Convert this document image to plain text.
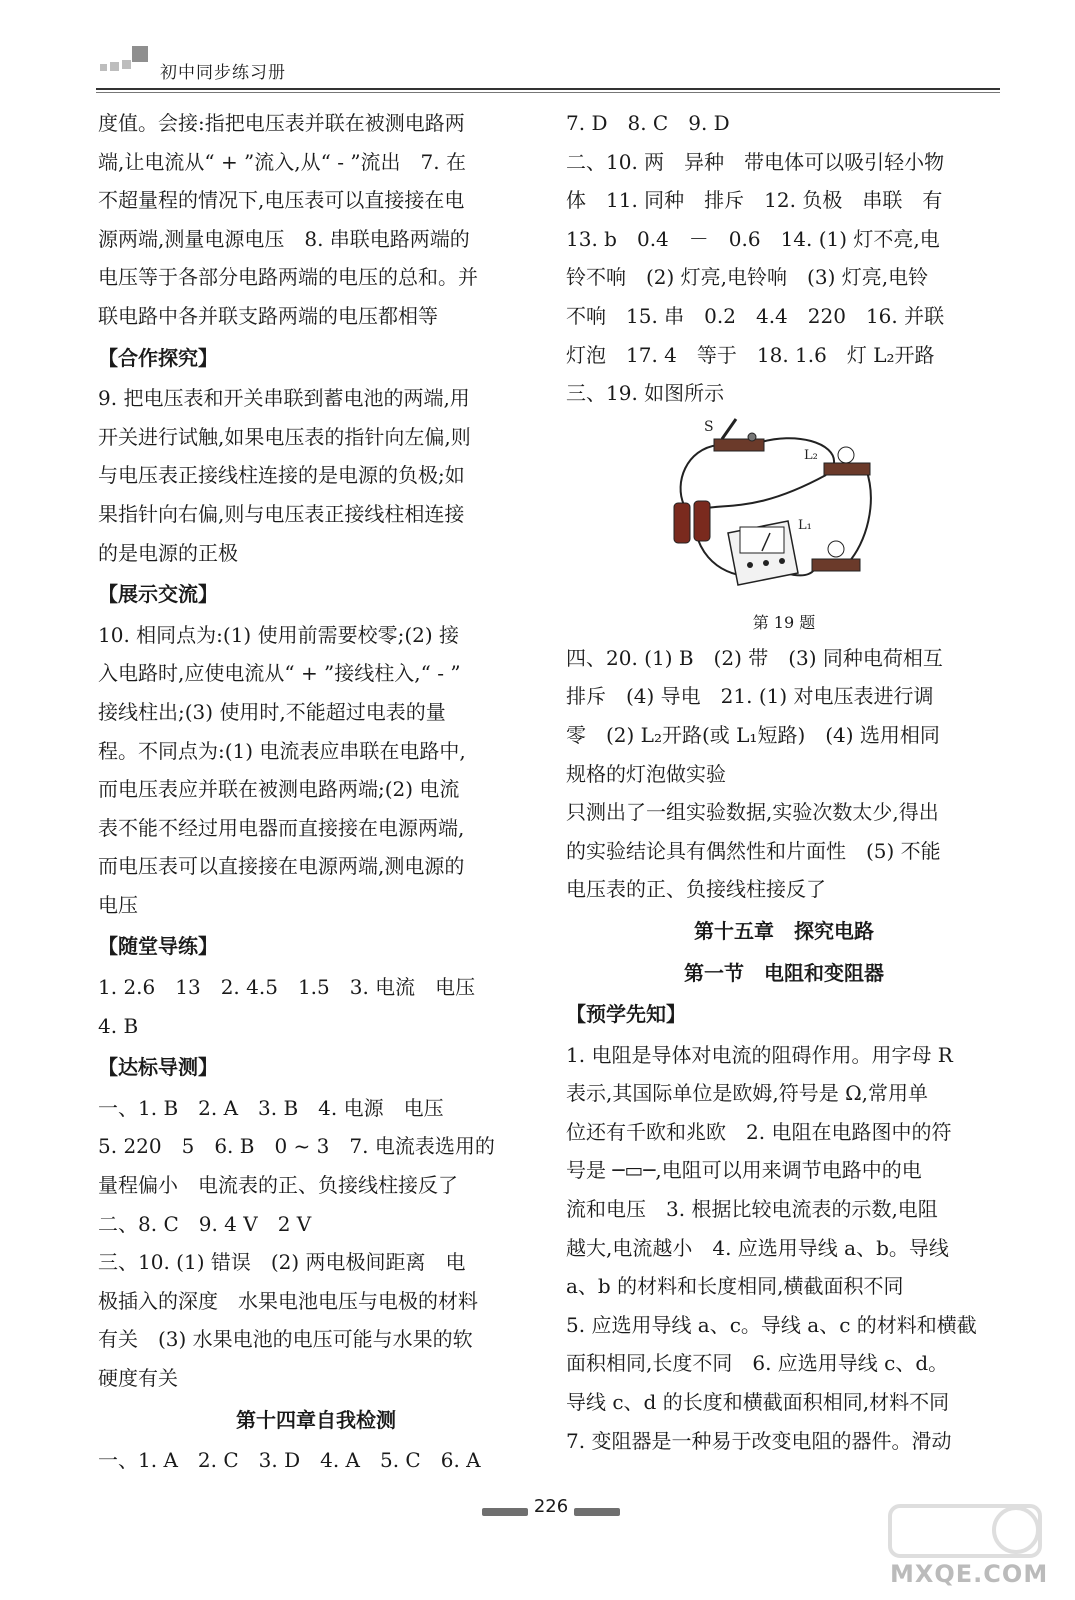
初中同步练习册

度值。会接:指把电压表并联在被测电路两

端,让电流从“ + ”流入,从“ - ”流出　7. 在

不超量程的情况下,电压表可以直接接在电

源两端,测量电源电压　8. 串联电路两端的

电压等于各部分电路两端的电压的总和。并

联电路中各并联支路两端的电压都相等

【合作探究】

9. 把电压表和开关串联到蓄电池的两端,用

开关进行试触,如果电压表的指针向左偏,则

与电压表正接线柱连接的是电源的负极;如

果指针向右偏,则与电压表正接线柱相连接

的是电源的正极

【展示交流】

10. 相同点为:(1) 使用前需要校零;(2) 接

入电路时,应使电流从“ + ”接线柱入,“ - ”

接线柱出;(3) 使用时,不能超过电表的量

程。不同点为:(1) 电流表应串联在电路中,

而电压表应并联在被测电路两端;(2) 电流

表不能不经过用电器而直接接在电源两端,

而电压表可以直接接在电源两端,测电源的

电压

【随堂导练】

1. 2.6　13　2. 4.5　1.5　3. 电流　电压

4. B

【达标导测】

一、1. B　2. A　3. B　4. 电源　电压

5. 220　5　6. B　0 ~ 3　7. 电流表选用的

量程偏小　电流表的正、负接线柱接反了

二、8. C　9. 4 V　2 V

三、10. (1) 错误　(2) 两电极间距离　电

极插入的深度　水果电池电压与电极的材料

有关　(3) 水果电池的电压可能与水果的软

硬度有关

第十四章自我检测

一、1. A　2. C　3. D　4. A　5. C　6. A

7. D　8. C　9. D

二、10. 两　异种　带电体可以吸引轻小物

体　11. 同种　排斥　12. 负极　串联　有

13. b　0.4　－　0.6　14. (1) 灯不亮,电

铃不响　(2) 灯亮,电铃响　(3) 灯亮,电铃

不响　15. 串　0.2　4.4　220　16. 并联

灯泡　17. 4　等于　18. 1.6　灯 L₂开路

三、19. 如图所示

S
L₂
L₁
第 19 题

四、20. (1) B　(2) 带　(3) 同种电荷相互

排斥　(4) 导电　21. (1) 对电压表进行调

零　(2) L₂开路(或 L₁短路)　(4) 选用相同

规格的灯泡做实验

只测出了一组实验数据,实验次数太少,得出

的实验结论具有偶然性和片面性　(5) 不能

电压表的正、负接线柱接反了

第十五章　探究电路

第一节　电阻和变阻器

【预学先知】

1. 电阻是导体对电流的阻碍作用。用字母 R

表示,其国际单位是欧姆,符号是 Ω,常用单

位还有千欧和兆欧　2. 电阻在电路图中的符

号是 ─▭─,电阻可以用来调节电路中的电

流和电压　3. 根据比较电流表的示数,电阻

越大,电流越小　4. 应选用导线 a、b。导线

a、b 的材料和长度相同,横截面积不同

5. 应选用导线 a、c。导线 a、c 的材料和横截

面积相同,长度不同　6. 应选用导线 c、d。

导线 c、d 的长度和横截面积相同,材料不同

7. 变阻器是一种易于改变电阻的器件。滑动

226
MXQE.COM
